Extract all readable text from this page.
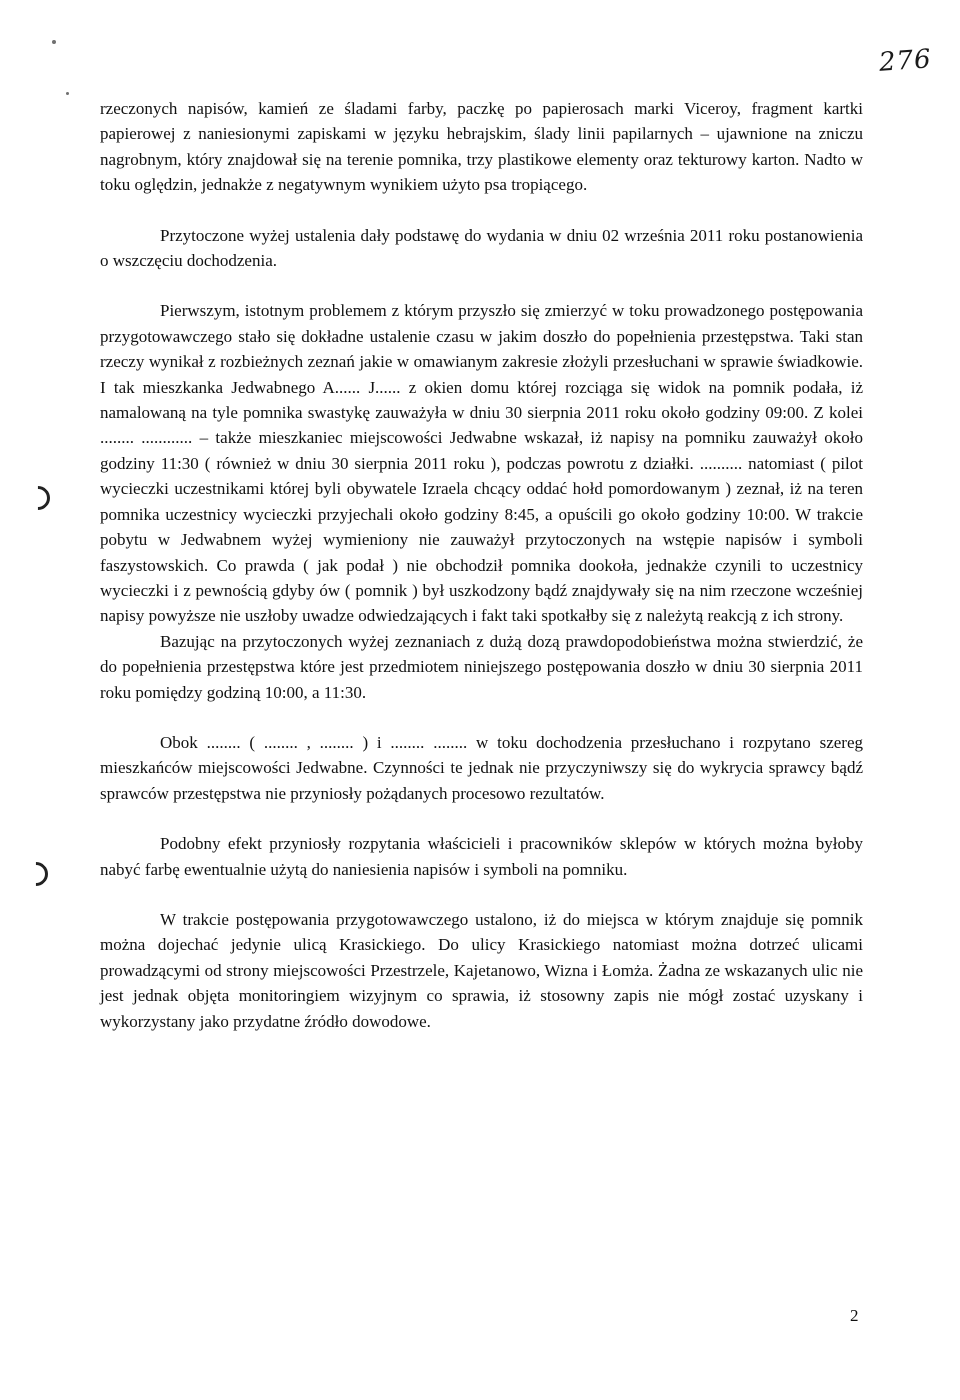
276

rzeczonych napisów, kamień ze śladami farby, paczkę po papierosach marki Viceroy, fragment kartki papierowej z naniesionymi zapiskami w języku hebrajskim, ślady linii papilarnych – ujawnione na zniczu nagrobnym, który znajdował się na terenie pomnika, trzy plastikowe elementy oraz tekturowy karton. Nadto w toku oględzin, jednakże z negatywnym wynikiem użyto psa tropiącego.

Przytoczone wyżej ustalenia dały podstawę do wydania w dniu 02 września 2011 roku postanowienia o wszczęciu dochodzenia.

Pierwszym, istotnym problemem z którym przyszło się zmierzyć w toku prowadzonego postępowania przygotowawczego stało się dokładne ustalenie czasu w jakim doszło do popełnienia przestępstwa. Taki stan rzeczy wynikał z rozbieżnych zeznań jakie w omawianym zakresie złożyli przesłuchani w sprawie świadkowie. I tak mieszkanka Jedwabnego A...... J...... z okien domu której rozciąga się widok na pomnik podała, iż namalowaną na tyle pomnika swastykę zauważyła w dniu 30 sierpnia 2011 roku około godziny 09:00. Z kolei ........ ............ – także mieszkaniec miejscowości Jedwabne wskazał, iż napisy na pomniku zauważył około godziny 11:30 ( również w dniu 30 sierpnia 2011 roku ), podczas powrotu z działki. .......... natomiast ( pilot wycieczki uczestnikami której byli obywatele Izraela chcący oddać hołd pomordowanym ) zeznał, iż na teren pomnika uczestnicy wycieczki przyjechali około godziny 8:45, a opuścili go około godziny 10:00. W trakcie pobytu w Jedwabnem wyżej wymieniony nie zauważył przytoczonych na wstępie napisów i symboli faszystowskich. Co prawda ( jak podał ) nie obchodził pomnika dookoła, jednakże czynili to uczestnicy wycieczki i z pewnością gdyby ów ( pomnik ) był uszkodzony bądź znajdywały się na nim rzeczone wcześniej napisy powyższe nie uszłoby uwadze odwiedzających i fakt taki spotkałby się z należytą reakcją z ich strony.

Bazując na przytoczonych wyżej zeznaniach z dużą dozą prawdopodobieństwa można stwierdzić, że do popełnienia przestępstwa które jest przedmiotem niniejszego postępowania doszło w dniu 30 sierpnia 2011 roku pomiędzy godziną 10:00, a 11:30.

Obok ........ ( ........ , ........ ) i ........ ........ w toku dochodzenia przesłuchano i rozpytano szereg mieszkańców miejscowości Jedwabne. Czynności te jednak nie przyczyniwszy się do wykrycia sprawcy bądź sprawców przestępstwa nie przyniosły pożądanych procesowo rezultatów.

Podobny efekt przyniosły rozpytania właścicieli i pracowników sklepów w których można byłoby nabyć farbę ewentualnie użytą do naniesienia napisów i symboli na pomniku.

W trakcie postępowania przygotowawczego ustalono, iż do miejsca w którym znajduje się pomnik można dojechać jedynie ulicą Krasickiego. Do ulicy Krasickiego natomiast można dotrzeć ulicami prowadzącymi od strony miejscowości Przestrzele, Kajetanowo, Wizna i Łomża. Żadna ze wskazanych ulic nie jest jednak objęta monitoringiem wizyjnym co sprawia, iż stosowny zapis nie mógł zostać uzyskany i wykorzystany jako przydatne źródło dowodowe.

2
